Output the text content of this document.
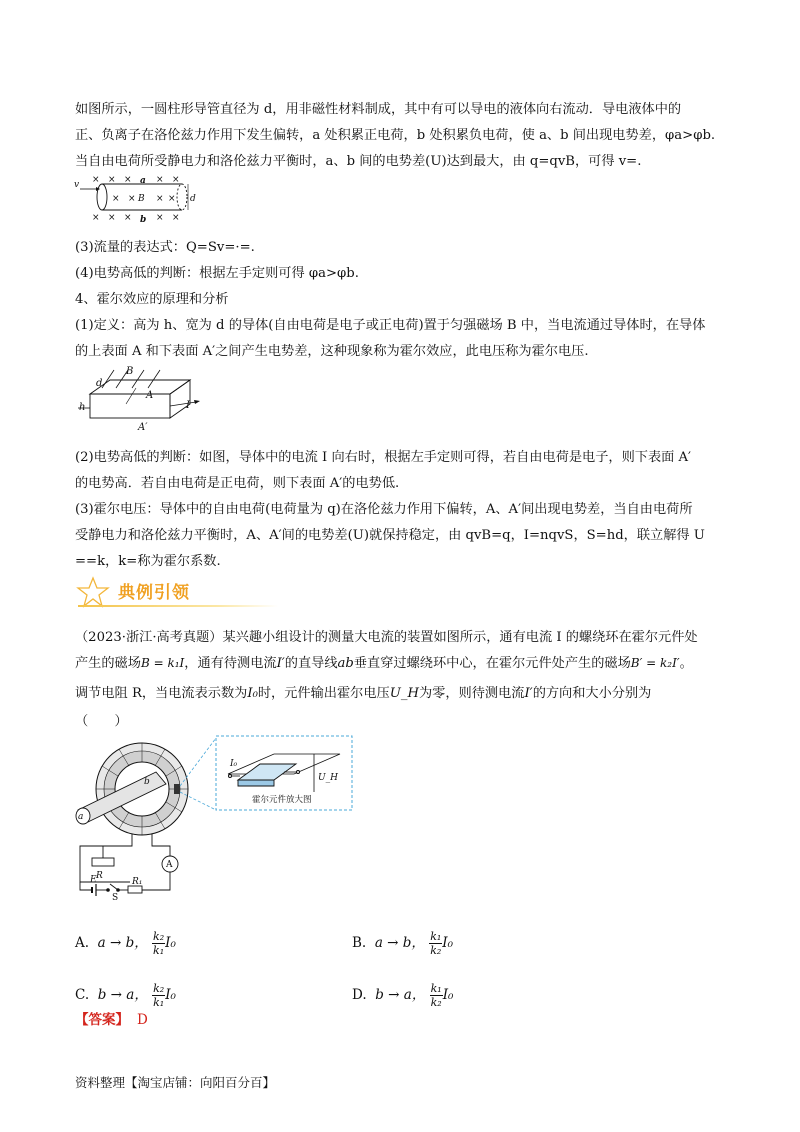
如图所示，一圆柱形导管直径为 d，用非磁性材料制成，其中有可以导电的液体向右流动．导电液体中的
正、负离子在洛伦兹力作用下发生偏转，a 处积累正电荷，b 处积累负电荷，使 a、b 间出现电势差，φa>φb.
当自由电荷所受静电力和洛伦兹力平衡时，a、b 间的电势差(U)达到最大，由 q=qvB，可得 v=.
v × × ×	× ×
× × × ×
× × ×	× ×
a
B
b
d
(3)流量的表达式：Q=Sv=·=.
(4)电势高低的判断：根据左手定则可得 φa>φb.
4、霍尔效应的原理和分析
(1)定义：高为 h、宽为 d 的导体(自由电荷是电子或正电荷)置于匀强磁场 B 中，当电流通过导体时，在导体
的上表面 A 和下表面 A′之间产生电势差，这种现象称为霍尔效应，此电压称为霍尔电压.
B
d
h
A
A′
I
(2)电势高低的判断：如图，导体中的电流 I 向右时，根据左手定则可得，若自由电荷是电子，则下表面 A′
的电势高．若自由电荷是正电荷，则下表面 A′的电势低.
(3)霍尔电压：导体中的自由电荷(电荷量为 q)在洛伦兹力作用下偏转，A、A′间出现电势差，当自由电荷所
受静电力和洛伦兹力平衡时，A、A′间的电势差(U)就保持稳定，由 qvB=q，I=nqvS，S=hd，联立解得 U
==k，k=称为霍尔系数.
典例引领
（2023·浙江·高考真题）某兴趣小组设计的测量大电流的装置如图所示，通有电流 I 的螺绕环在霍尔元件处
产生的磁场B = k₁I，通有待测电流I′的直导线ab垂直穿过螺绕环中心，在霍尔元件处产生的磁场B′ = k₂I′。
调节电阻 R，当电流表示数为I₀时，元件输出霍尔电压U_H为零，则待测电流I′的方向和大小分别为
（　　）
a
b
R
A
R₁
S
E
I₀
U_H
霍尔元件放大图
A. a → b， $\frac{\text{k₂}}{\text{k₁}} I_0$	B. a → b， $\frac{\text{k₁}}{\text{k₂}} I_0$
C. b → a， $\frac{\text{k₂}}{\text{k₁}} I_0$	D. b → a， $\frac{\text{k₁}}{\text{k₂}} I_0$
【答案】 D
资料整理【淘宝店铺：向阳百分百】
